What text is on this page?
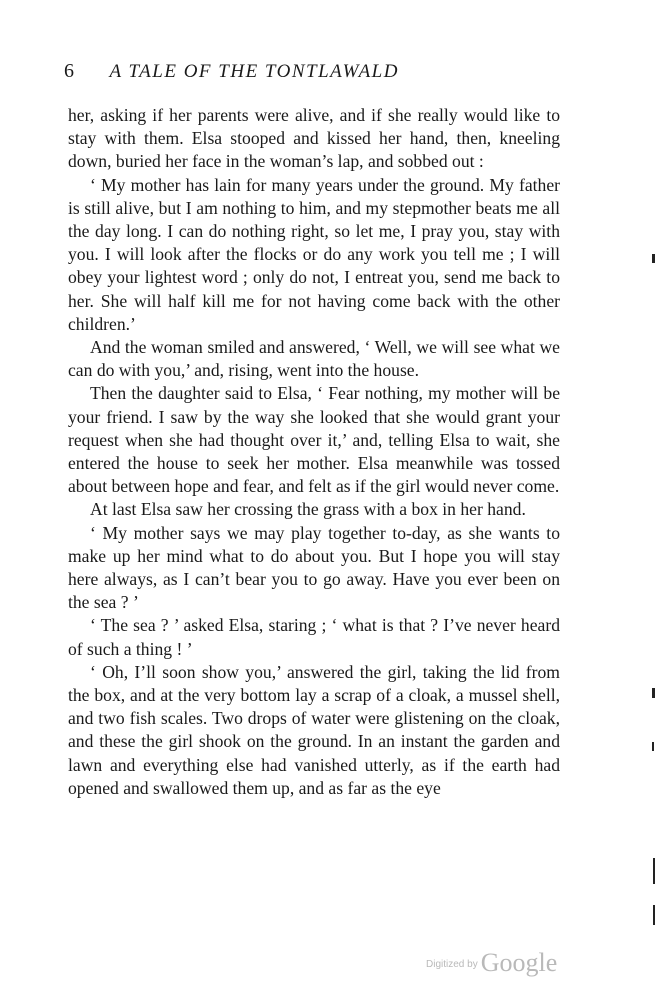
6 A TALE OF THE TONTLAWALD

her, asking if her parents were alive, and if she really would like to stay with them. Elsa stooped and kissed her hand, then, kneeling down, buried her face in the woman’s lap, and sobbed out :

‘ My mother has lain for many years under the ground. My father is still alive, but I am nothing to him, and my stepmother beats me all the day long. I can do nothing right, so let me, I pray you, stay with you. I will look after the flocks or do any work you tell me ; I will obey your lightest word ; only do not, I entreat you, send me back to her. She will half kill me for not having come back with the other children.’

And the woman smiled and answered, ‘ Well, we will see what we can do with you,’ and, rising, went into the house.

Then the daughter said to Elsa, ‘ Fear nothing, my mother will be your friend. I saw by the way she looked that she would grant your request when she had thought over it,’ and, telling Elsa to wait, she entered the house to seek her mother. Elsa meanwhile was tossed about between hope and fear, and felt as if the girl would never come.

At last Elsa saw her crossing the grass with a box in her hand.

‘ My mother says we may play together to-day, as she wants to make up her mind what to do about you. But I hope you will stay here always, as I can’t bear you to go away. Have you ever been on the sea ? ’

‘ The sea ? ’ asked Elsa, staring ; ‘ what is that ? I’ve never heard of such a thing ! ’

‘ Oh, I’ll soon show you,’ answered the girl, taking the lid from the box, and at the very bottom lay a scrap of a cloak, a mussel shell, and two fish scales. Two drops of water were glistening on the cloak, and these the girl shook on the ground. In an instant the garden and lawn and everything else had vanished utterly, as if the earth had opened and swallowed them up, and as far as the eye

$^{Digitized by}$ Google
